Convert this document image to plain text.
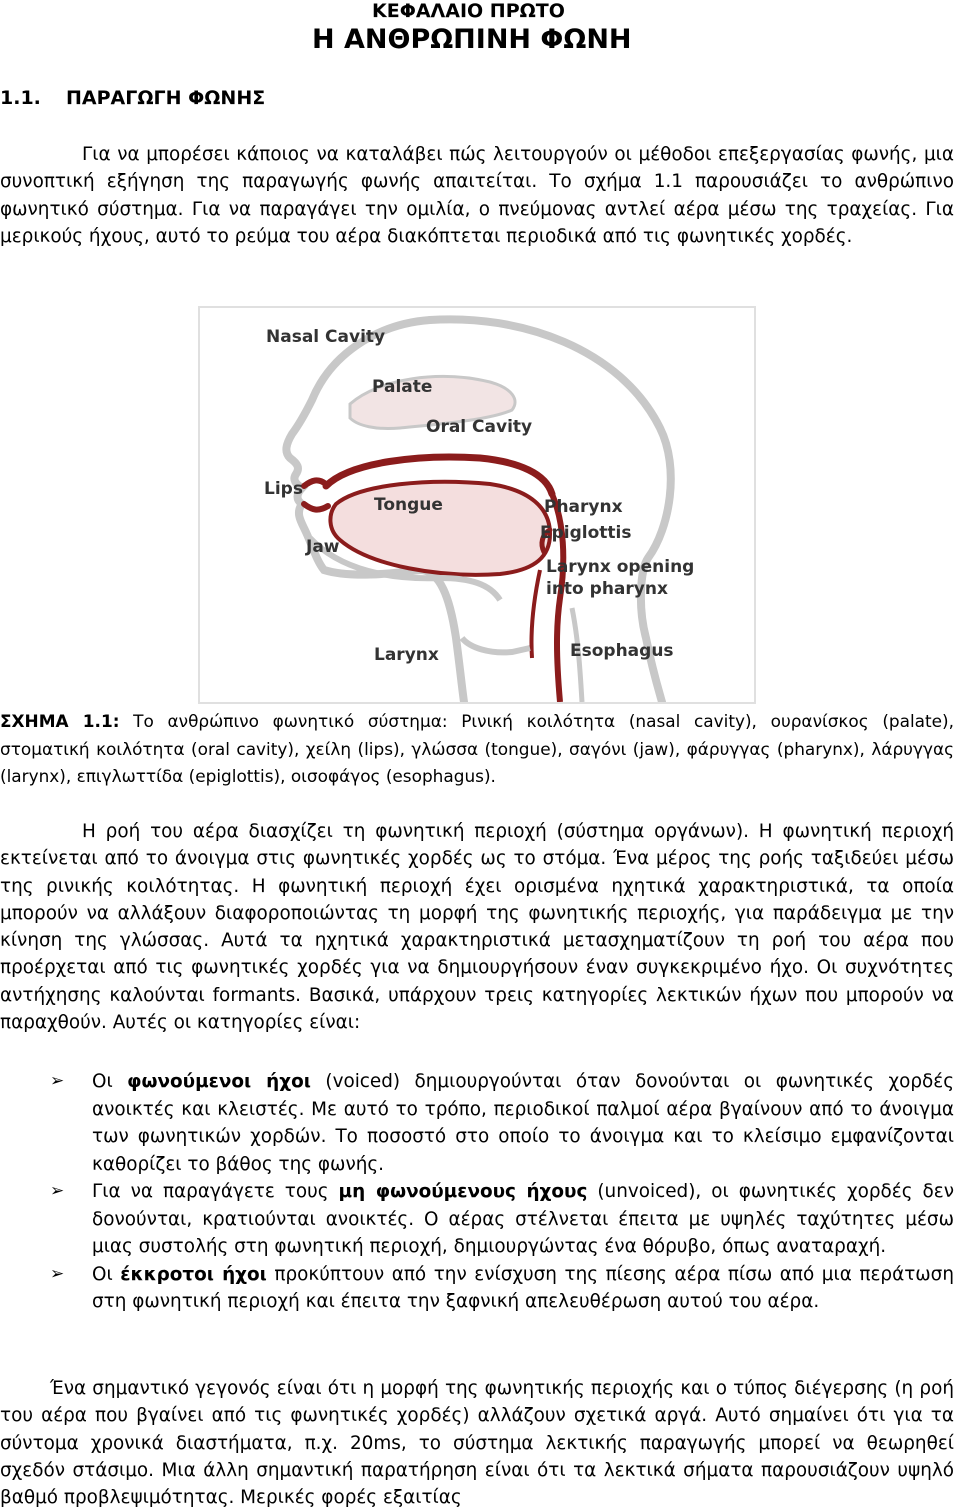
ΚΕΦΑΛΑΙΟ ΠΡΩΤΟ
Η ΑΝΘΡΩΠΙΝΗ ΦΩΝΗ
1.1. ΠΑΡΑΓΩΓΗ ΦΩΝΗΣ
Για να μπορέσει κάποιος να καταλάβει πώς λειτουργούν οι μέθοδοι επεξεργασίας φωνής, μια συνοπτική εξήγηση της παραγωγής φωνής απαιτείται. Το σχήμα 1.1 παρουσιάζει το ανθρώπινο φωνητικό σύστημα. Για να παραγάγει την ομιλία, ο πνεύμονας αντλεί αέρα μέσω της τραχείας. Για μερικούς ήχους, αυτό το ρεύμα του αέρα διακόπτεται περιοδικά από τις φωνητικές χορδές.
Nasal Cavity
Palate
Oral Cavity
Lips
Tongue
Jaw
Pharynx
Epiglottis
Larynx opening
into pharynx
Larynx	Esophagus
ΣΧΗΜΑ 1.1: Το ανθρώπινο φωνητικό σύστημα: Ρινική κοιλότητα (nasal cavity), ουρανίσκος (palate), στοματική κοιλότητα (oral cavity), χείλη (lips), γλώσσα (tongue), σαγόνι (jaw), φάρυγγας (pharynx), λάρυγγας (larynx), επιγλωττίδα (epiglottis), οισοφάγος (esophagus).
Η ροή του αέρα διασχίζει τη φωνητική περιοχή (σύστημα οργάνων). Η φωνητική περιοχή εκτείνεται από το άνοιγμα στις φωνητικές χορδές ως το στόμα. Ένα μέρος της ροής ταξιδεύει μέσω της ρινικής κοιλότητας. Η φωνητική περιοχή έχει ορισμένα ηχητικά χαρακτηριστικά, τα οποία μπορούν να αλλάξουν διαφοροποιώντας τη μορφή της φωνητικής περιοχής, για παράδειγμα με την κίνηση της γλώσσας. Αυτά τα ηχητικά χαρακτηριστικά μετασχηματίζουν τη ροή του αέρα που προέρχεται από τις φωνητικές χορδές για να δημιουργήσουν έναν συγκεκριμένο ήχο. Οι συχνότητες αντήχησης καλούνται formants. Βασικά, υπάρχουν τρεις κατηγορίες λεκτικών ήχων που μπορούν να παραχθούν. Αυτές οι κατηγορίες είναι:
➢ Οι φωνούμενοι ήχοι (voiced) δημιουργούνται όταν δονούνται οι φωνητικές χορδές ανοικτές και κλειστές. Με αυτό το τρόπο, περιοδικοί παλμοί αέρα βγαίνουν από το άνοιγμα των φωνητικών χορδών. Το ποσοστό στο οποίο το άνοιγμα και το κλείσιμο εμφανίζονται καθορίζει το βάθος της φωνής.
➢ Για να παραγάγετε τους μη φωνούμενους ήχους (unvoiced), οι φωνητικές χορδές δεν δονούνται, κρατιούνται ανοικτές. Ο αέρας στέλνεται έπειτα με υψηλές ταχύτητες μέσω μιας συστολής στη φωνητική περιοχή, δημιουργώντας ένα θόρυβο, όπως αναταραχή.
➢ Οι έκκροτοι ήχοι προκύπτουν από την ενίσχυση της πίεσης αέρα πίσω από μια περάτωση στη φωνητική περιοχή και έπειτα την ξαφνική απελευθέρωση αυτού του αέρα.
Ένα σημαντικό γεγονός είναι ότι η μορφή της φωνητικής περιοχής και ο τύπος διέγερσης (η ροή του αέρα που βγαίνει από τις φωνητικές χορδές) αλλάζουν σχετικά αργά. Αυτό σημαίνει ότι για τα σύντομα χρονικά διαστήματα, π.χ. 20ms, το σύστημα λεκτικής παραγωγής μπορεί να θεωρηθεί σχεδόν στάσιμο. Μια άλλη σημαντική παρατήρηση είναι ότι τα λεκτικά σήματα παρουσιάζουν υψηλό βαθμό προβλεψιμότητας. Μερικές φορές εξαιτίας
